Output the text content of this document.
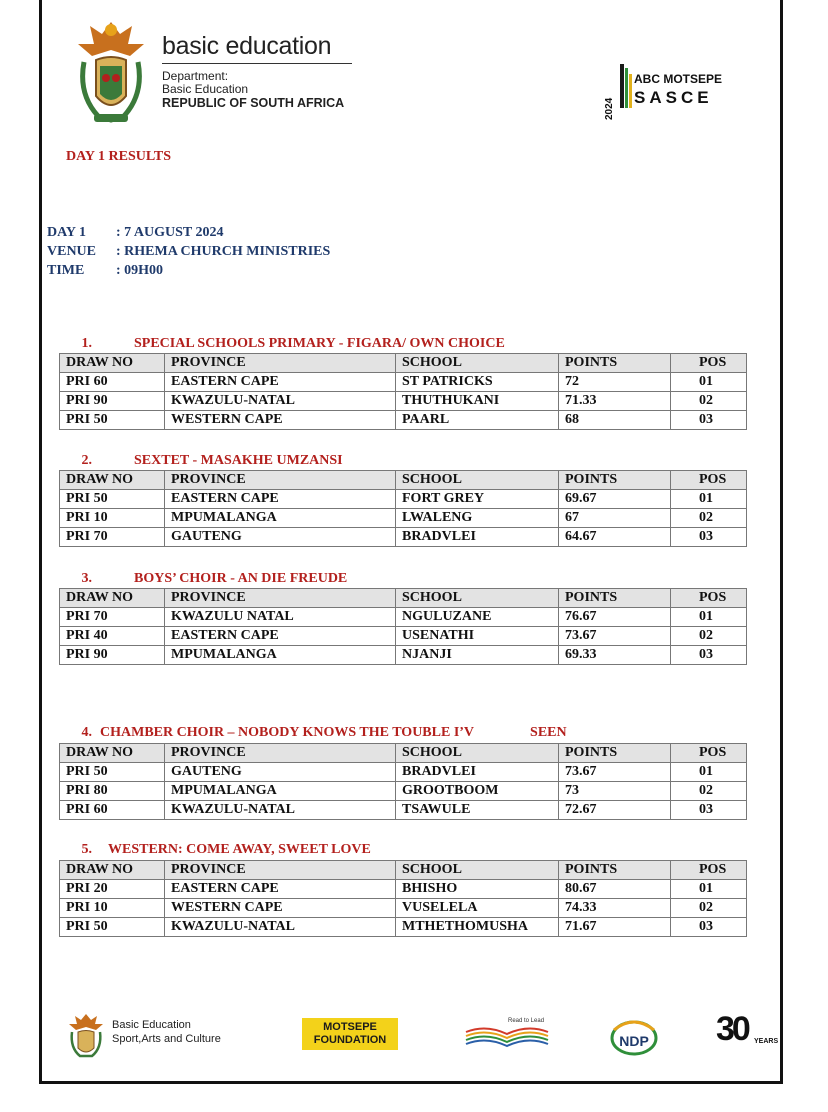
basic education
Department:
Basic Education
REPUBLIC OF SOUTH AFRICA	2024
ABC MOTSEPE
SASCE
DAY 1 RESULTS
DAY 1 : 7 AUGUST 2024
VENUE : RHEMA CHURCH MINISTRIES
TIME : 09H00
1.	SPECIAL SCHOOLS PRIMARY - FIGARA/ OWN CHOICE
DRAW NO	PROVINCE	SCHOOL	POINTS	POS
PRI 60	EASTERN CAPE	ST PATRICKS	72	01
PRI 90	KWAZULU-NATAL	THUTHUKANI	71.33	02
PRI 50	WESTERN CAPE	PAARL	68	03
2.	SEXTET - MASAKHE UMZANSI
DRAW NO	PROVINCE	SCHOOL	POINTS	POS
PRI 50	EASTERN CAPE	FORT GREY	69.67	01
PRI 10	MPUMALANGA	LWALENG	67	02
PRI 70	GAUTENG	BRADVLEI	64.67	03
3.	BOYS’ CHOIR - AN DIE FREUDE
DRAW NO	PROVINCE	SCHOOL	POINTS	POS
PRI 70	KWAZULU NATAL	NGULUZANE	76.67	01
PRI 40	EASTERN CAPE	USENATHI	73.67	02
PRI 90	MPUMALANGA	NJANJI	69.33	03
4. CHAMBER CHOIR – NOBODY KNOWS THE TOUBLE I’V	SEEN
DRAW NO	PROVINCE	SCHOOL	POINTS	POS
PRI 50	GAUTENG	BRADVLEI	73.67	01
PRI 80	MPUMALANGA	GROOTBOOM	73	02
PRI 60	KWAZULU-NATAL	TSAWULE	72.67	03
5. WESTERN: COME AWAY, SWEET LOVE
DRAW NO	PROVINCE	SCHOOL	POINTS	POS
PRI 20	EASTERN CAPE	BHISHO	80.67	01
PRI 10	WESTERN CAPE	VUSELELA	74.33	02
PRI 50	KWAZULU-NATAL	MTHETHOMUSHA	71.67	03
Basic Education
Sport,Arts and Culture
MOTSEPE
FOUNDATION
Read to Lead
NDP 30 YEARS
